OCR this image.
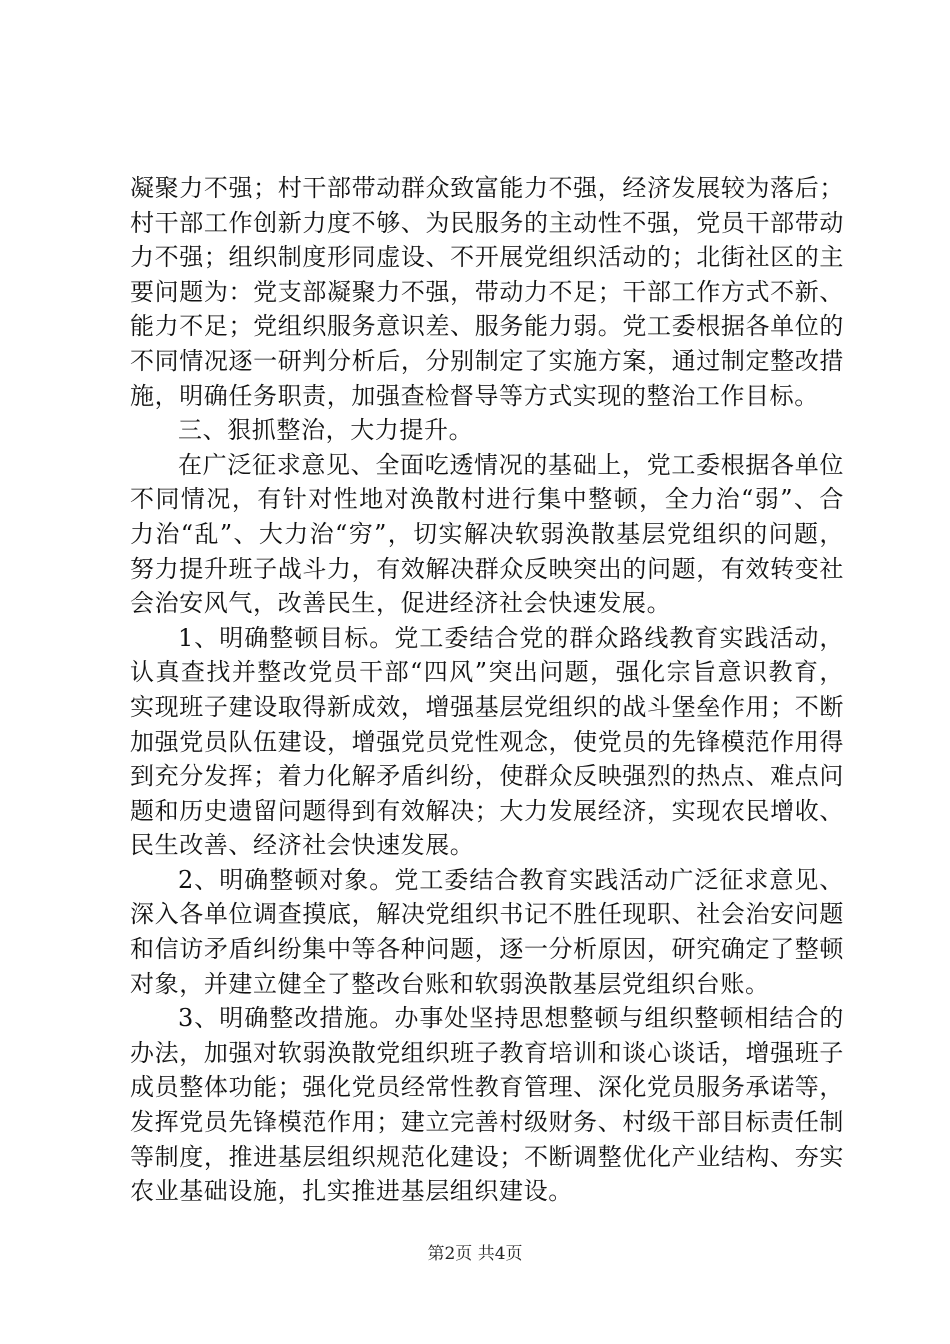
凝聚力不强；村干部带动群众致富能力不强，经济发展较为落后；村干部工作创新力度不够、为民服务的主动性不强，党员干部带动力不强；组织制度形同虚设、不开展党组织活动的；北街社区的主要问题为：党支部凝聚力不强，带动力不足；干部工作方式不新、能力不足；党组织服务意识差、服务能力弱。党工委根据各单位的不同情况逐一研判分析后，分别制定了实施方案，通过制定整改措施，明确任务职责，加强查检督导等方式实现的整治工作目标。

三、狠抓整治，大力提升。

在广泛征求意见、全面吃透情况的基础上，党工委根据各单位不同情况，有针对性地对涣散村进行集中整顿，全力治“弱”、合力治“乱”、大力治“穷”，切实解决软弱涣散基层党组织的问题，努力提升班子战斗力，有效解决群众反映突出的问题，有效转变社会治安风气，改善民生，促进经济社会快速发展。

1、明确整顿目标。党工委结合党的群众路线教育实践活动，认真查找并整改党员干部“四风”突出问题，强化宗旨意识教育，实现班子建设取得新成效，增强基层党组织的战斗堡垒作用；不断加强党员队伍建设，增强党员党性观念，使党员的先锋模范作用得到充分发挥；着力化解矛盾纠纷，使群众反映强烈的热点、难点问题和历史遗留问题得到有效解决；大力发展经济，实现农民增收、民生改善、经济社会快速发展。

2、明确整顿对象。党工委结合教育实践活动广泛征求意见、深入各单位调查摸底，解决党组织书记不胜任现职、社会治安问题和信访矛盾纠纷集中等各种问题，逐一分析原因，研究确定了整顿对象，并建立健全了整改台账和软弱涣散基层党组织台账。

3、明确整改措施。办事处坚持思想整顿与组织整顿相结合的办法，加强对软弱涣散党组织班子教育培训和谈心谈话，增强班子成员整体功能；强化党员经常性教育管理、深化党员服务承诺等，发挥党员先锋模范作用；建立完善村级财务、村级干部目标责任制等制度，推进基层组织规范化建设；不断调整优化产业结构、夯实农业基础设施，扎实推进基层组织建设。

第2页 共4页
